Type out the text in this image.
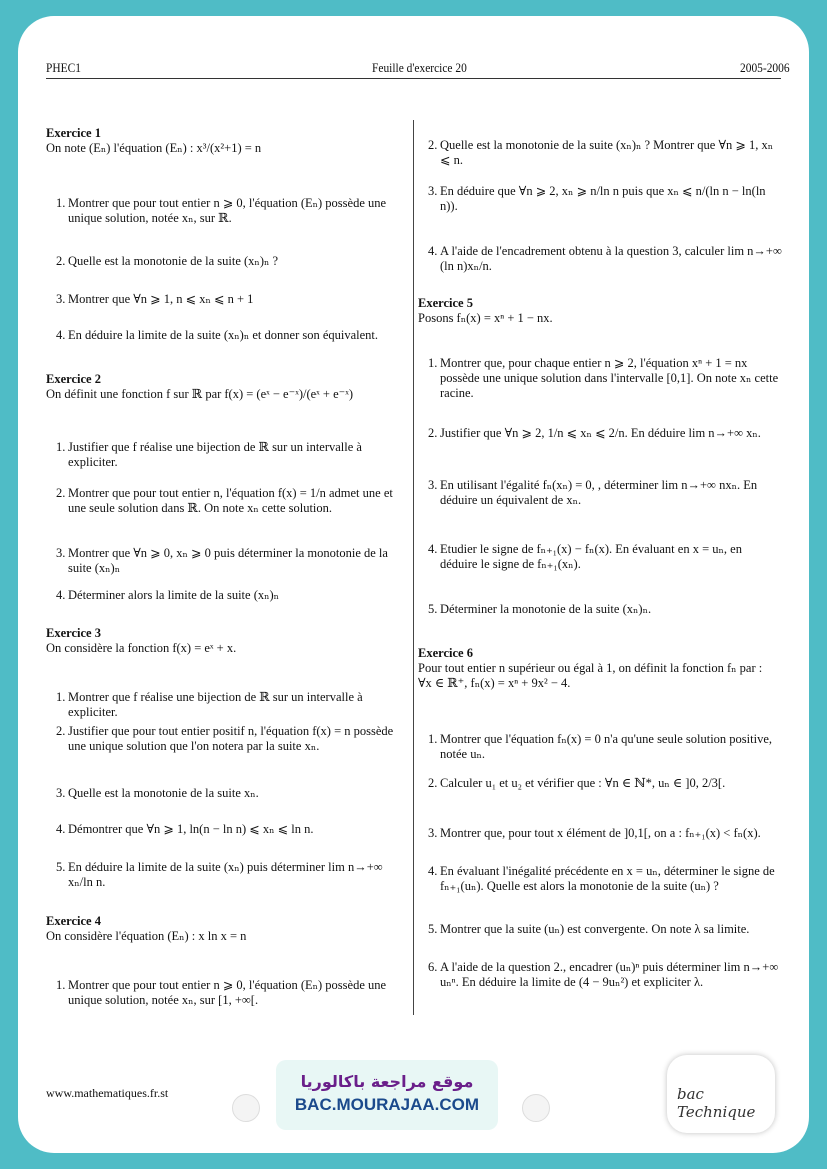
PHEC1	Feuille d'exercice 20	2005-2006

Exercice 1

On note (Eₙ) l'équation (Eₙ) : x³/(x²+1) = n

1. Montrer que pour tout entier n ⩾ 0, l'équation (Eₙ) possède une unique solution, notée xₙ, sur ℝ.
2. Quelle est la monotonie de la suite (xₙ)ₙ ?
3. Montrer que ∀n ⩾ 1, n ⩽ xₙ ⩽ n + 1
4. En déduire la limite de la suite (xₙ)ₙ et donner son équivalent.

Exercice 2

On définit une fonction f sur ℝ par f(x) = (eˣ − e⁻ˣ)/(eˣ + e⁻ˣ)

1. Justifier que f réalise une bijection de ℝ sur un intervalle à expliciter.
2. Montrer que pour tout entier n, l'équation f(x) = 1/n admet une et une seule solution dans ℝ. On note xₙ cette solution.
3. Montrer que ∀n ⩾ 0, xₙ ⩾ 0 puis déterminer la monotonie de la suite (xₙ)ₙ
4. Déterminer alors la limite de la suite (xₙ)ₙ

Exercice 3

On considère la fonction f(x) = eˣ + x.

1. Montrer que f réalise une bijection de ℝ sur un intervalle à expliciter.
2. Justifier que pour tout entier positif n, l'équation f(x) = n possède une unique solution que l'on notera par la suite xₙ.
3. Quelle est la monotonie de la suite xₙ.
4. Démontrer que ∀n ⩾ 1, ln(n − ln n) ⩽ xₙ ⩽ ln n.
5. En déduire la limite de la suite (xₙ) puis déterminer lim n→+∞ xₙ/ln n.

Exercice 4

On considère l'équation (Eₙ) : x ln x = n

1. Montrer que pour tout entier n ⩾ 0, l'équation (Eₙ) possède une unique solution, notée xₙ, sur [1, +∞[.
2. Quelle est la monotonie de la suite (xₙ)ₙ ? Montrer que ∀n ⩾ 1, xₙ ⩽ n.
3. En déduire que ∀n ⩾ 2, xₙ ⩾ n/ln n puis que xₙ ⩽ n/(ln n − ln(ln n)).
4. A l'aide de l'encadrement obtenu à la question 3, calculer lim n→+∞ (ln n)xₙ/n.

Exercice 5

Posons fₙ(x) = xⁿ + 1 − nx.

1. Montrer que, pour chaque entier n ⩾ 2, l'équation xⁿ + 1 = nx possède une unique solution dans l'intervalle [0,1]. On note xₙ cette racine.
2. Justifier que ∀n ⩾ 2, 1/n ⩽ xₙ ⩽ 2/n. En déduire lim n→+∞ xₙ.
3. En utilisant l'égalité fₙ(xₙ) = 0, , déterminer lim n→+∞ nxₙ. En déduire un équivalent de xₙ.
4. Etudier le signe de fₙ₊₁(x) − fₙ(x). En évaluant en x = uₙ, en déduire le signe de fₙ₊₁(xₙ).
5. Déterminer la monotonie de la suite (xₙ)ₙ.

Exercice 6

Pour tout entier n supérieur ou égal à 1, on définit la fonction fₙ par : ∀x ∈ ℝ⁺, fₙ(x) = xⁿ + 9x² − 4.

1. Montrer que l'équation fₙ(x) = 0 n'a qu'une seule solution positive, notée uₙ.
2. Calculer u₁ et u₂ et vérifier que : ∀n ∈ ℕ*, uₙ ∈ ]0, 2/3[.
3. Montrer que, pour tout x élément de ]0,1[, on a : fₙ₊₁(x) < fₙ(x).
4. En évaluant l'inégalité précédente en x = uₙ, déterminer le signe de fₙ₊₁(uₙ). Quelle est alors la monotonie de la suite (uₙ) ?
5. Montrer que la suite (uₙ) est convergente. On note λ sa limite.
6. A l'aide de la question 2., encadrer (uₙ)ⁿ puis déterminer lim n→+∞ uₙⁿ. En déduire la limite de (4 − 9uₙ²) et expliciter λ.
www.mathematiques.fr.st
موقع مراجعة باكالوريا
BAC.MOURAJAA.COM
bac Technique
